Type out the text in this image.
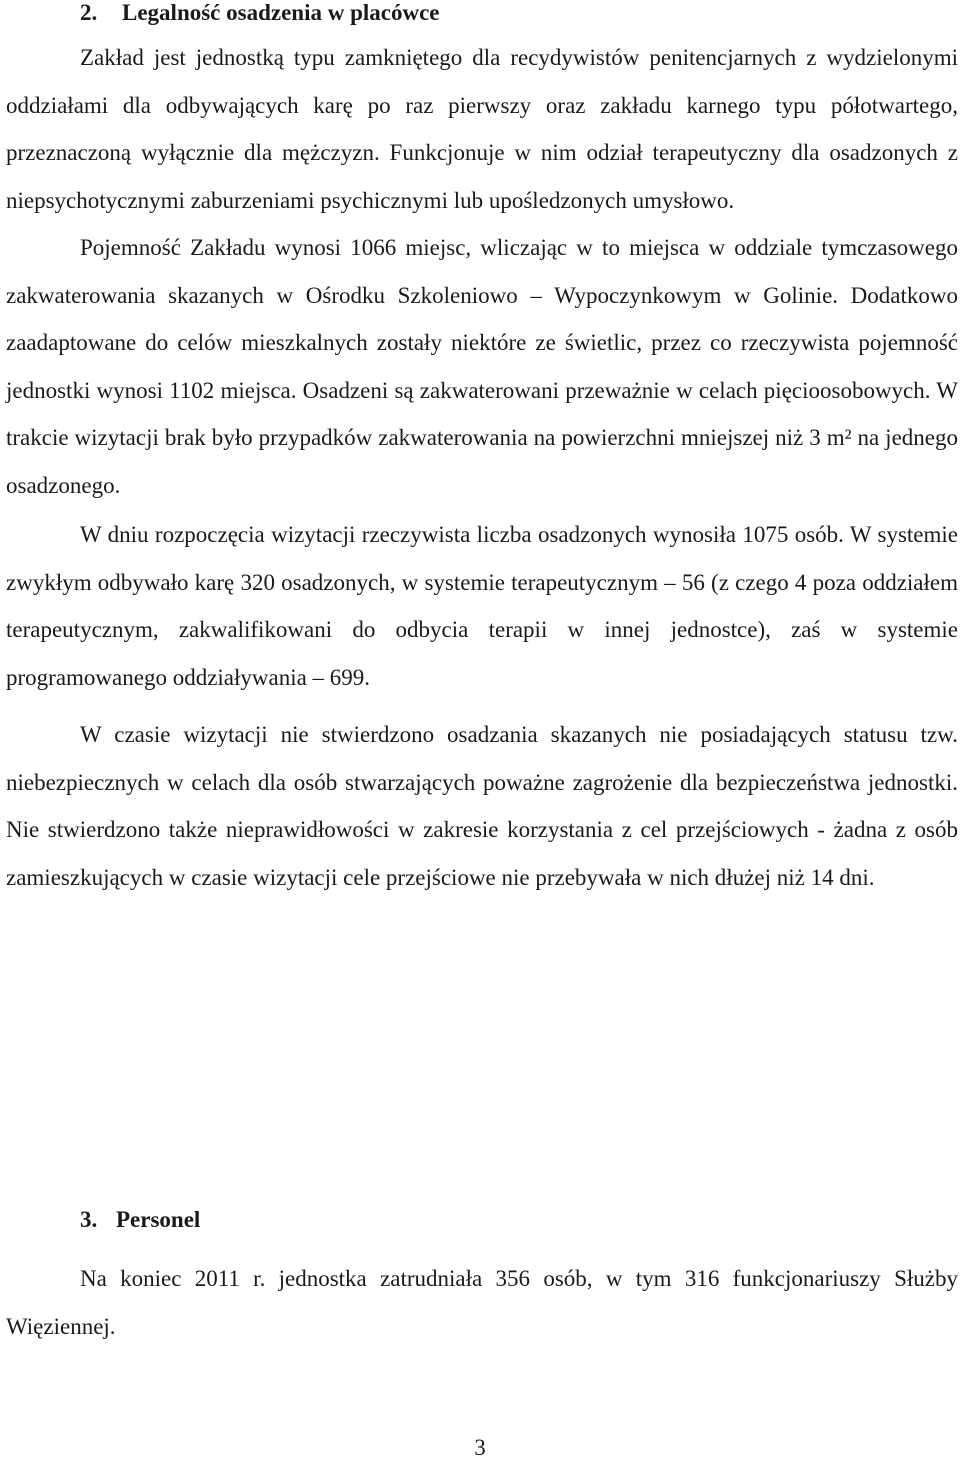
2. Legalność osadzenia w placówce

Zakład jest jednostką typu zamkniętego dla recydywistów penitencjarnych z wydzielonymi oddziałami dla odbywających karę po raz pierwszy oraz zakładu karnego typu półotwartego, przeznaczoną wyłącznie dla mężczyzn. Funkcjonuje w nim odział terapeutyczny dla osadzonych z niepsychotycznymi zaburzeniami psychicznymi lub upośledzonych umysłowo.

Pojemność Zakładu wynosi 1066 miejsc, wliczając w to miejsca w oddziale tymczasowego zakwaterowania skazanych w Ośrodku Szkoleniowo – Wypoczynkowym w Golinie. Dodatkowo zaadaptowane do celów mieszkalnych zostały niektóre ze świetlic, przez co rzeczywista pojemność jednostki wynosi 1102 miejsca. Osadzeni są zakwaterowani przeważnie w celach pięcioosobowych. W trakcie wizytacji brak było przypadków zakwaterowania na powierzchni mniejszej niż 3 m² na jednego osadzonego.

W dniu rozpoczęcia wizytacji rzeczywista liczba osadzonych wynosiła 1075 osób. W systemie zwykłym odbywało karę 320 osadzonych, w systemie terapeutycznym – 56 (z czego 4 poza oddziałem terapeutycznym, zakwalifikowani do odbycia terapii w innej jednostce), zaś w systemie programowanego oddziaływania – 699.

W czasie wizytacji nie stwierdzono osadzania skazanych nie posiadających statusu tzw. niebezpiecznych w celach dla osób stwarzających poważne zagrożenie dla bezpieczeństwa jednostki. Nie stwierdzono także nieprawidłowości w zakresie korzystania z cel przejściowych - żadna z osób zamieszkujących w czasie wizytacji cele przejściowe nie przebywała w nich dłużej niż 14 dni.

3. Personel

Na koniec 2011 r. jednostka zatrudniała 356 osób, w tym 316 funkcjonariuszy Służby Więziennej.

3
